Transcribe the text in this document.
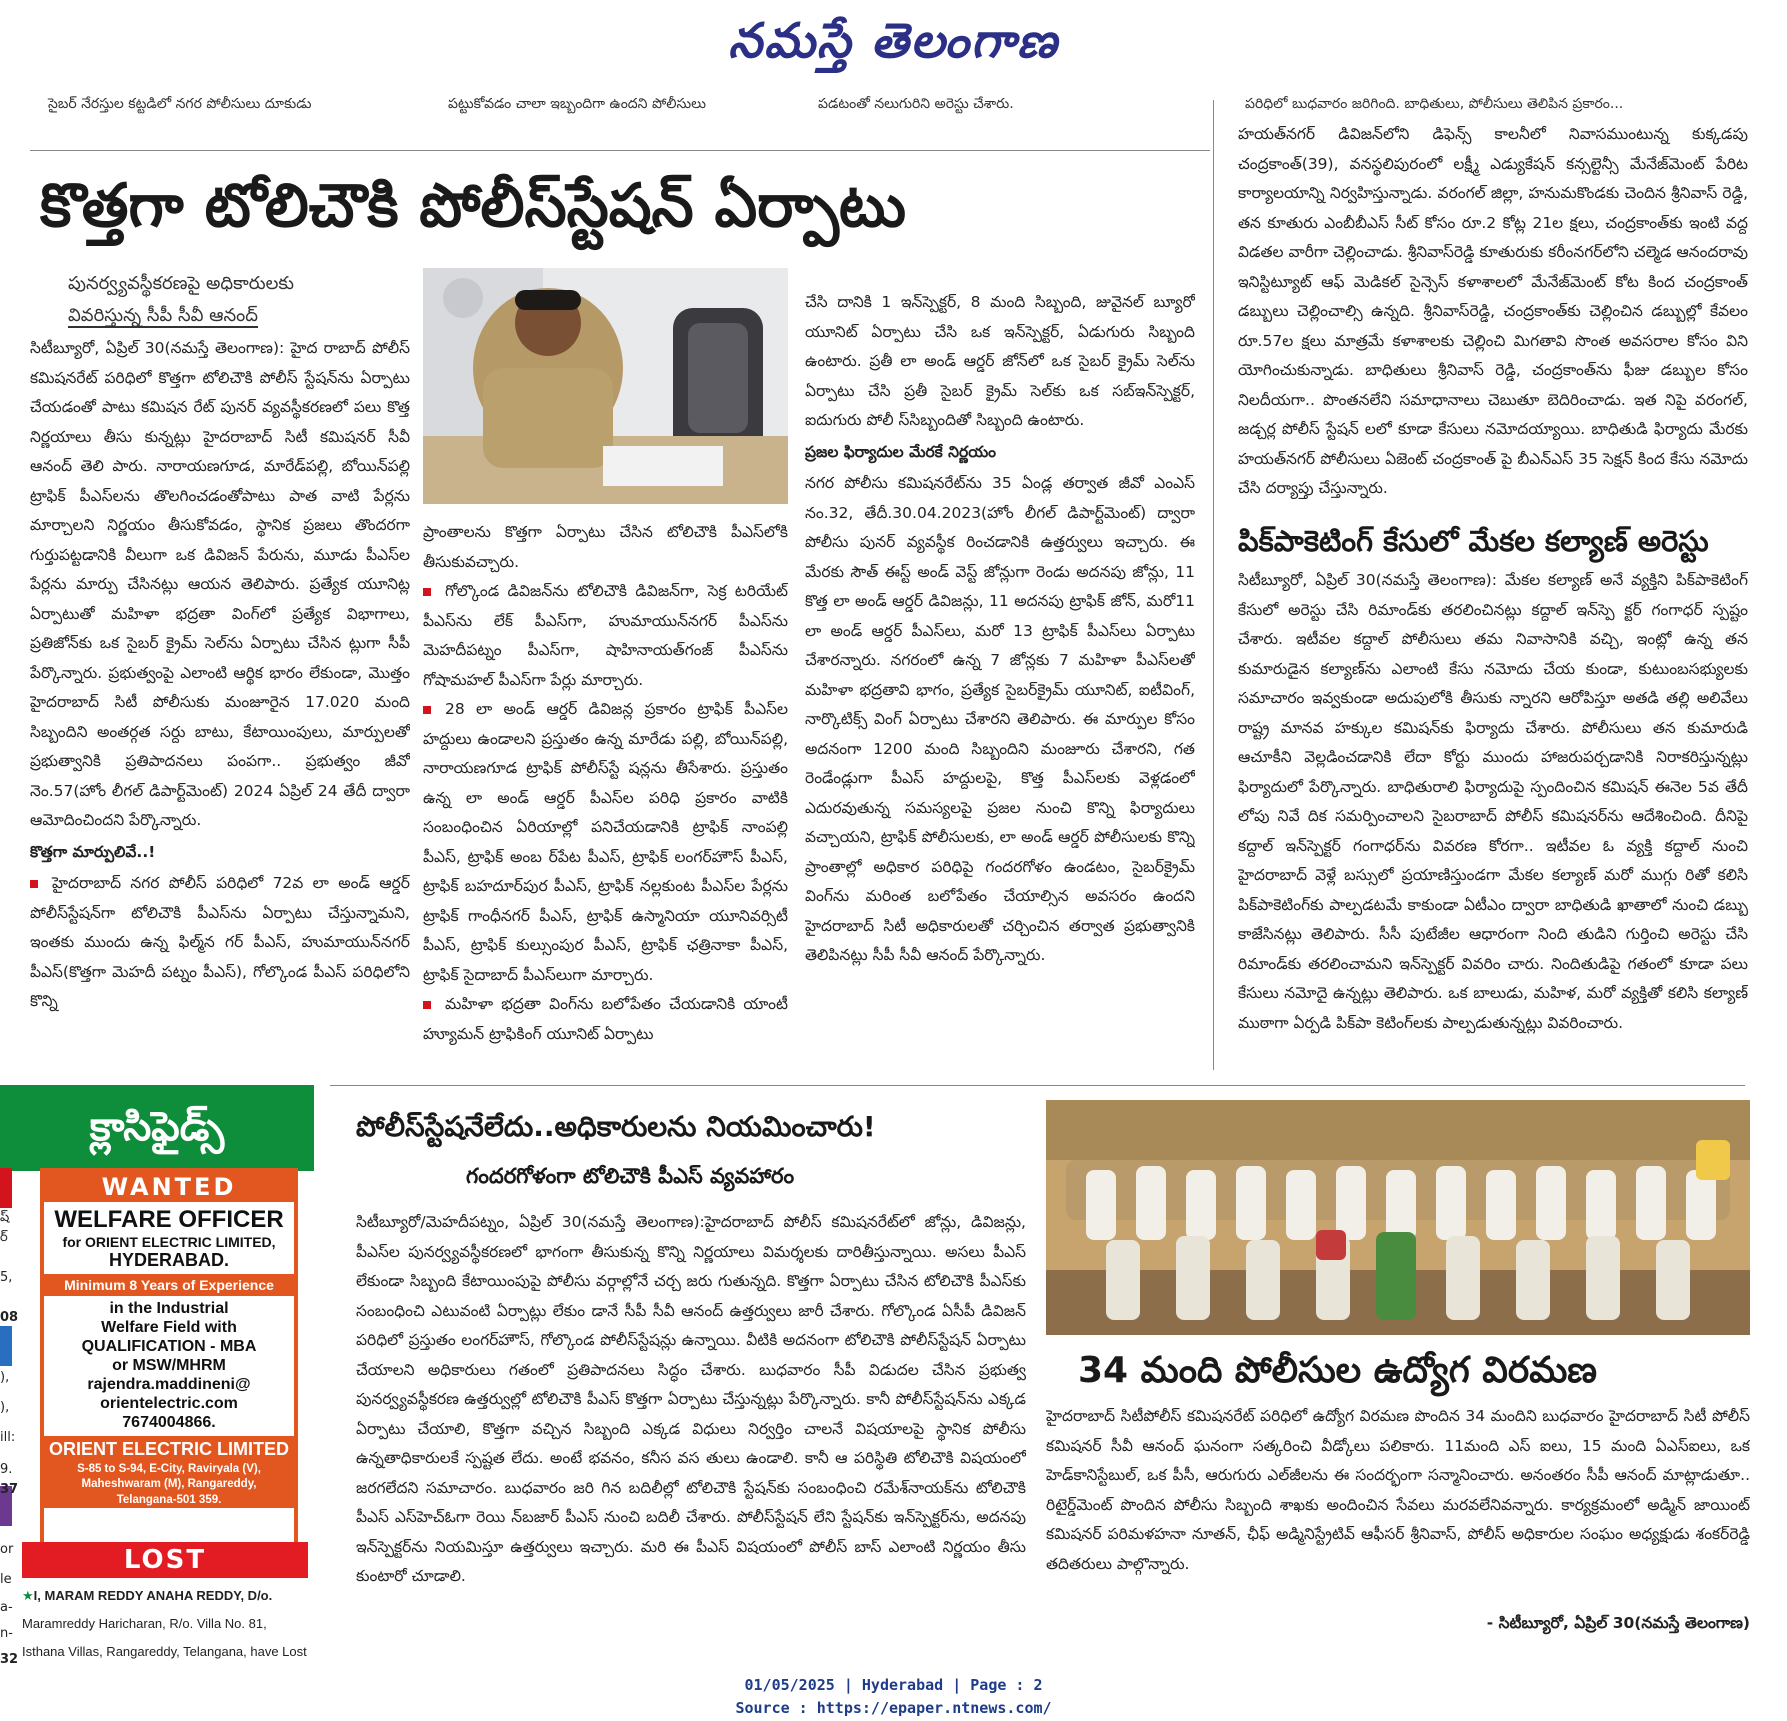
నమస్తే తెలంగాణ
సైబర్ నేరస్తుల కట్టడిలో నగర పోలీసులు దూకుడు	పట్టుకోవడం చాలా ఇబ్బందిగా ఉందని పోలీసులు	పడటంతో నలుగురిని అరెస్టు చేశారు.	పరిధిలో బుధవారం జరిగింది. బాధితులు, పోలీసులు తెలిపిన ప్రకారం...
కొత్తగా టోలిచౌకి పోలీస్‌స్టేషన్ ఏర్పాటు
పునర్వ్యవస్థీకరణపై అధికారులకు
వివరిస్తున్న సీపీ సీవీ ఆనంద్

సిటీబ్యూరో, ఏప్రిల్ 30(నమస్తే తెలంగాణ): హైద రాబాద్ పోలీస్ కమిషనరేట్ పరిధిలో కొత్తగా టోలిచౌకి పోలీస్ స్టేషన్‌ను ఏర్పాటు చేయడంతో పాటు కమిషన రేట్ పునర్ వ్యవస్థీకరణలో పలు కొత్త నిర్ణయాలు తీసు కున్నట్లు హైదరాబాద్ సిటీ కమిషనర్ సీవీ ఆనంద్ తెలి పారు. నారాయణగూడ, మారేడ్‌పల్లి, బోయిన్‌పల్లి ట్రాఫిక్ పీఎస్‌లను తొలగించడంతోపాటు పాత వాటి పేర్లను మార్చాలని నిర్ణయం తీసుకోవడం, స్థానిక ప్రజలు తొందరగా గుర్తుపట్టడానికి వీలుగా ఒక డివిజన్ పేరును, మూడు పీఎస్‌ల పేర్లను మార్పు చేసినట్లు ఆయన తెలిపారు. ప్రత్యేక యూనిట్ల ఏర్పాటుతో మహిళా భద్రతా వింగ్‌లో ప్రత్యేక విభాగాలు, ప్రతిజోన్‌కు ఒక సైబర్ క్రైమ్ సెల్‌ను ఏర్పాటు చేసిన ట్లుగా సీపీ పేర్కొన్నారు. ప్రభుత్వంపై ఎలాంటి ఆర్థిక భారం లేకుండా, మొత్తం హైదరాబాద్ సిటీ పోలీసుకు మంజూరైన 17.020 మంది సిబ్బందిని అంతర్గత సర్దు బాటు, కేటాయింపులు, మార్పులతో ప్రభుత్వానికి ప్రతిపాదనలు పంపగా.. ప్రభుత్వం జీవో నెం.57(హోం లీగల్ డిపార్ట్‌మెంట్) 2024 ఏప్రిల్ 24 తేదీ ద్వారా ఆమోదించిందని పేర్కొన్నారు.

కొత్తగా మార్పులివే..!

హైదరాబాద్ నగర పోలీస్ పరిధిలో 72వ లా అండ్ ఆర్డర్ పోలీస్‌స్టేషన్‌గా టోలిచౌకి పీఎస్‌ను ఏర్పాటు చేస్తున్నామని, ఇంతకు ముందు ఉన్న ఫిల్మ్‌న గర్ పీఎస్, హుమాయున్‌నగర్ పీఎస్(కొత్తగా మెహదీ పట్నం పీఎస్), గోల్కొండ పీఎస్ పరిధిలోని కొన్ని

ప్రాంతాలను కొత్తగా ఏర్పాటు చేసిన టోలిచౌకి పీఎస్‌లోకి తీసుకువచ్చారు.

గోల్కొండ డివిజన్‌ను టోలిచౌకి డివిజన్‌గా, సెక్ర టరియేట్ పీఎస్‌ను లేక్ పీఎస్‌గా, హుమాయున్‌నగర్ పీఎస్‌ను మెహదీపట్నం పీఎస్‌గా, షాహినాయత్‌గంజ్ పీఎస్‌ను గోషామహల్ పీఎస్‌గా పేర్లు మార్చారు.

28 లా అండ్ ఆర్డర్ డివిజన్ల ప్రకారం ట్రాఫిక్ పీఎస్‌ల హద్దులు ఉండాలని ప్రస్తుతం ఉన్న మారేడు పల్లి, బోయిన్‌పల్లి, నారాయణగూడ ట్రాఫిక్ పోలీస్‌స్టే షన్లను తీసేశారు. ప్రస్తుతం ఉన్న లా అండ్ ఆర్డర్ పీఎస్‌ల పరిధి ప్రకారం వాటికి సంబంధించిన ఏరియాల్లో పనిచేయడానికి ట్రాఫిక్ నాంపల్లి పీఎస్, ట్రాఫిక్ అంబ ర్‌పేట పీఎస్, ట్రాఫిక్ లంగర్‌హౌస్ పీఎస్, ట్రాఫిక్ బహదూర్‌పుర పీఎస్, ట్రాఫిక్ నల్లకుంట పీఎస్‌ల పేర్లను ట్రాఫిక్ గాంధీనగర్ పీఎస్, ట్రాఫిక్ ఉస్మానియా యూనివర్సిటీ పీఎస్, ట్రాఫిక్ కుల్సుంపుర పీఎస్, ట్రాఫిక్ ఛత్రినాకా పీఎస్, ట్రాఫిక్ సైదాబాద్ పీఎస్‌లుగా మార్చారు.

మహిళా భద్రతా వింగ్‌ను బలోపేతం చేయడానికి యాంటీ హ్యూమన్ ట్రాఫికింగ్ యూనిట్ ఏర్పాటు

చేసి దానికి 1 ఇన్‌స్పెక్టర్, 8 మంది సిబ్బంది, జువైనల్ బ్యూరో యూనిట్ ఏర్పాటు చేసి ఒక ఇన్‌స్పెక్టర్, ఏడుగురు సిబ్బంది ఉంటారు. ప్రతీ లా అండ్ ఆర్డర్ జోన్‌లో ఒక సైబర్ క్రైమ్ సెల్‌ను ఏర్పాటు చేసి ప్రతీ సైబర్ క్రైమ్ సెల్‌కు ఒక సబ్‌ఇన్‌స్పెక్టర్, ఐదుగురు పోలీ స్‌సిబ్బందితో సిబ్బంది ఉంటారు.

ప్రజల ఫిర్యాదుల మేరకే నిర్ణయం

నగర పోలీసు కమిషనరేట్‌ను 35 ఏండ్ల తర్వాత జీవో ఎంఎస్ నం.32, తేదీ.30.04.2023(హోం లీగల్ డిపార్ట్‌మెంట్) ద్వారా పోలీసు పునర్ వ్యవస్థీక రించడానికి ఉత్తర్వులు ఇచ్చారు. ఈ మేరకు సౌత్ ఈస్ట్ అండ్ వెస్ట్ జోన్లుగా రెండు అదనపు జోన్లు, 11 కొత్త లా అండ్ ఆర్డర్ డివిజన్లు, 11 అదనపు ట్రాఫిక్ జోన్, మరో11 లా అండ్ ఆర్డర్ పీఎస్‌లు, మరో 13 ట్రాఫిక్ పీఎస్‌లు ఏర్పాటు చేశారన్నారు. నగరంలో ఉన్న 7 జోన్లకు 7 మహిళా పీఎస్‌లతో మహిళా భద్రతావి భాగం, ప్రత్యేక సైబర్‌క్రైమ్ యూనిట్, ఐటీవింగ్, నార్కొటిక్స్ వింగ్ ఏర్పాటు చేశారని తెలిపారు. ఈ మార్పుల కోసం అదనంగా 1200 మంది సిబ్బందిని మంజూరు చేశారని, గత రెండేండ్లుగా పీఎస్ హద్దులపై, కొత్త పీఎస్‌లకు వెళ్లడంలో ఎదురవుతున్న సమస్యలపై ప్రజల నుంచి కొన్ని ఫిర్యాదులు వచ్చాయని, ట్రాఫిక్ పోలీసులకు, లా అండ్ ఆర్డర్ పోలీసులకు కొన్ని ప్రాంతాల్లో అధికార పరిధిపై గందరగోళం ఉండటం, సైబర్‌క్రైమ్ వింగ్‌ను మరింత బలోపేతం చేయాల్సిన అవసరం ఉందని హైదరాబాద్ సిటీ అధికారులతో చర్చించిన తర్వాత ప్రభుత్వానికి తెలిపినట్లు సీపీ సీవీ ఆనంద్ పేర్కొన్నారు.

హయత్‌నగర్ డివిజన్‌లోని డిఫెన్స్ కాలనీలో నివాసముంటున్న కుక్కడపు చంద్రకాంత్(39), వనస్థలిపురంలో లక్ష్మీ ఎడ్యుకేషన్ కన్సల్టెన్సీ మేనేజ్‌మెంట్ పేరిట కార్యాలయాన్ని నిర్వహిస్తున్నాడు. వరంగల్ జిల్లా, హనుమకొండకు చెందిన శ్రీనివాస్ రెడ్డి, తన కూతురు ఎంబీబీఎస్ సీట్ కోసం రూ.2 కోట్ల 21ల క్షలు, చంద్రకాంత్‌కు ఇంటి వద్ద విడతల వారీగా చెల్లించాడు. శ్రీనివాస్‌రెడ్డి కూతురుకు కరీంనగర్‌లోని చల్మెడ ఆనందరావు ఇనిస్టిట్యూట్ ఆఫ్ మెడికల్ సైన్సెస్ కళాశాలలో మేనేజ్‌మెంట్ కోట కింద చంద్రకాంత్ డబ్బులు చెల్లించాల్సి ఉన్నది. శ్రీనివాస్‌రెడ్డి, చంద్రకాంత్‌కు చెల్లించిన డబ్బుల్లో కేవలం రూ.57ల క్షలు మాత్రమే కళాశాలకు చెల్లించి మిగతావి సొంత అవసరాల కోసం విని యోగించుకున్నాడు. బాధితులు శ్రీనివాస్ రెడ్డి, చంద్రకాంత్‌ను ఫీజు డబ్బుల కోసం నిలదీయగా.. పొంతనలేని సమాధానాలు చెబుతూ బెదిరించాడు. ఇత నిపై వరంగల్, జడ్చర్ల పోలీస్ స్టేషన్ లలో కూడా కేసులు నమోదయ్యాయి. బాధితుడి ఫిర్యాదు మేరకు హయత్‌నగర్ పోలీసులు ఏజెంట్ చంద్రకాంత్ పై బీఎన్ఎస్ 35 సెక్షన్ కింద కేసు నమోదు చేసి దర్యాప్తు చేస్తున్నారు.

పిక్‌పాకెటింగ్ కేసులో మేకల కల్యాణ్ అరెస్టు

సిటీబ్యూరో, ఏప్రిల్ 30(నమస్తే తెలంగాణ): మేకల కల్యాణ్ అనే వ్యక్తిని పిక్‌పాకెటింగ్ కేసులో అరెస్టు చేసి రిమాండ్‌కు తరలించినట్లు కద్దాల్ ఇన్‌స్పె క్టర్ గంగాధర్ స్పష్టం చేశారు. ఇటీవల కద్దాల్ పోలీసులు తమ నివాసానికి వచ్చి, ఇంట్లో ఉన్న తన కుమారుడైన కల్యాణ్‌ను ఎలాంటి కేసు నమోదు చేయ కుండా, కుటుంబసభ్యులకు సమాచారం ఇవ్వకుండా అదుపులోకి తీసుకు న్నారని ఆరోపిస్తూ అతడి తల్లి అలివేలు రాష్ట్ర మానవ హక్కుల కమిషన్‌కు ఫిర్యాదు చేశారు. పోలీసులు తన కుమారుడి ఆచూకీని వెల్లడించడానికి లేదా కోర్టు ముందు హాజరుపర్చడానికి నిరాకరిస్తున్నట్లు ఫిర్యాదులో పేర్కొన్నారు. బాధితురాలి ఫిర్యాదుపై స్పందించిన కమిషన్ ఈనెల 5వ తేదీ లోపు నివే దిక సమర్పించాలని సైబరాబాద్ పోలీస్ కమిషనర్‌ను ఆదేశించింది. దీనిపై కద్దాల్ ఇన్‌స్పెక్టర్ గంగాధర్‌ను వివరణ కోరగా.. ఇటీవల ఓ వ్యక్తి కద్దాల్ నుంచి హైదరాబాద్ వెళ్లే బస్సులో ప్రయాణిస్తుండగా మేకల కల్యాణ్ మరో ముగ్గు రితో కలిసి పిక్‌పాకెటింగ్‌కు పాల్పడటమే కాకుండా ఏటీఎం ద్వారా బాధితుడి ఖాతాలో నుంచి డబ్బు కాజేసినట్లు తెలిపారు. సీసీ పుటేజీల ఆధారంగా నింది తుడిని గుర్తించి అరెస్టు చేసి రిమాండ్‌కు తరలించామని ఇన్‌స్పెక్టర్ వివరిం చారు. నిందితుడిపై గతంలో కూడా పలు కేసులు నమోదై ఉన్నట్లు తెలిపారు. ఒక బాలుడు, మహిళ, మరో వ్యక్తితో కలిసి కల్యాణ్ ముఠాగా ఏర్పడి పిక్‌పా కెటింగ్‌లకు పాల్పడుతున్నట్లు వివరించారు.

క్లాసిఫైడ్స్
WANTED
WELFARE OFFICER
for ORIENT ELECTRIC LIMITED,
HYDERABAD.
Minimum 8 Years of Experience
in the Industrial
Welfare Field with
QUALIFICATION - MBA
or MSW/MHRM
rajendra.maddineni@
orientelectric.com
7674004866.
ORIENT ELECTRIC LIMITED
S-85 to S-94, E-City, Raviryala (V),
Maheshwaram (M), Rangareddy,
Telangana-501 359.
LOST
★I, MARAM REDDY ANAHA REDDY, D/o.
Maramreddy Haricharan, R/o. Villa No. 81,
Isthana Villas, Rangareddy, Telangana, have Lost
ష్
ర్
5,
08
),
),
ill:
9.
37
or
le
a-
n-
32
పోలీస్‌స్టేషనేలేదు..అధికారులను నియమించారు!
గందరగోళంగా టోలిచౌకి పీఎస్ వ్యవహారం

సిటీబ్యూరో/మెహదీపట్నం, ఏప్రిల్ 30(నమస్తే తెలంగాణ):హైదరాబాద్ పోలీస్ కమిషనరేట్‌లో జోన్లు, డివిజన్లు, పీఎస్‌ల పునర్వ్యవస్థీకరణలో భాగంగా తీసుకున్న కొన్ని నిర్ణయాలు విమర్శలకు దారితీస్తున్నాయి. అసలు పీఎస్ లేకుండా సిబ్బంది కేటాయింపుపై పోలీసు వర్గాల్లోనే చర్చ జరు గుతున్నది. కొత్తగా ఏర్పాటు చేసిన టోలిచౌకి పీఎస్‌కు సంబంధించి ఎటువంటి ఏర్పాట్లు లేకుం డానే సీపీ సీవీ ఆనంద్ ఉత్తర్వులు జారీ చేశారు. గోల్కొండ ఏసీపీ డివిజన్ పరిధిలో ప్రస్తుతం లంగర్‌హౌస్, గోల్కొండ పోలీస్‌స్టేషన్లు ఉన్నాయి. వీటికి అదనంగా టోలిచౌకి పోలీస్‌స్టేషన్ ఏర్పాటు చేయాలని అధికారులు గతంలో ప్రతిపాదనలు సిద్ధం చేశారు. బుధవారం సీపీ విడుదల చేసిన ప్రభుత్వ పునర్వ్యవస్థీకరణ ఉత్తర్వుల్లో టోలిచౌకి పీఎస్ కొత్తగా ఏర్పాటు చేస్తున్నట్లు పేర్కొన్నారు. కానీ పోలీస్‌స్టేషన్‌ను ఎక్కడ ఏర్పాటు చేయాలి, కొత్తగా వచ్చిన సిబ్బంది ఎక్కడ విధులు నిర్వర్తిం చాలనే విషయాలపై స్థానిక పోలీసు ఉన్నతాధికారులకే స్పష్టత లేదు. అంటే భవనం, కనీస వస తులు ఉండాలి. కానీ ఆ పరిస్థితి టోలిచౌకి విషయంలో జరగలేదని సమాచారం. బుధవారం జరి గిన బదిలీల్లో టోలిచౌకి స్టేషన్‌కు సంబంధించి రమేశ్‌నాయక్‌ను టోలిచౌకి పీఎస్ ఎస్‌హెచ్‌ఓగా రెయి న్‌బజార్ పీఎస్ నుంచి బదిలీ చేశారు. పోలీస్‌స్టేషన్ లేని స్టేషన్‌కు ఇన్‌స్పెక్టర్‌ను, అదనపు ఇన్‌స్పెక్టర్‌ను నియమిస్తూ ఉత్తర్వులు ఇచ్చారు. మరి ఈ పీఎస్ విషయంలో పోలీస్ బాస్ ఎలాంటి నిర్ణయం తీసు కుంటారో చూడాలి.

34 మంది పోలీసుల ఉద్యోగ విరమణ

హైదరాబాద్ సిటీపోలీస్ కమిషనరేట్ పరిధిలో ఉద్యోగ విరమణ పొందిన 34 మందిని బుధవారం హైదరాబాద్ సిటీ పోలీస్ కమిషనర్ సీవీ ఆనంద్ ఘనంగా సత్కరించి వీడ్కోలు పలికారు. 11మంది ఎస్ ఐలు, 15 మంది ఏఎస్ఐలు, ఒక హెడ్‌కానిస్టేబుల్, ఒక పీసీ, ఆరుగురు ఎల్‌జీలను ఈ సందర్భంగా సన్మానించారు. అనంతరం సీపీ ఆనంద్ మాట్లాడుతూ.. రిటైర్డ్‌మెంట్ పొందిన పోలీసు సిబ్బంది శాఖకు అందించిన సేవలు మరవలేనివన్నారు. కార్యక్రమంలో అడ్మిన్ జాయింట్ కమిషనర్ పరిమళహనా నూతన్, ఛీఫ్ అడ్మినిస్ట్రేటివ్ ఆఫీసర్ శ్రీనివాస్, పోలీస్ అధికారుల సంఘం అధ్యక్షుడు శంకర్‌రెడ్డి తదితరులు పాల్గొన్నారు.

- సిటీబ్యూరో, ఏప్రిల్ 30(నమస్తే తెలంగాణ)
01/05/2025 | Hyderabad | Page : 2
Source : https://epaper.ntnews.com/
